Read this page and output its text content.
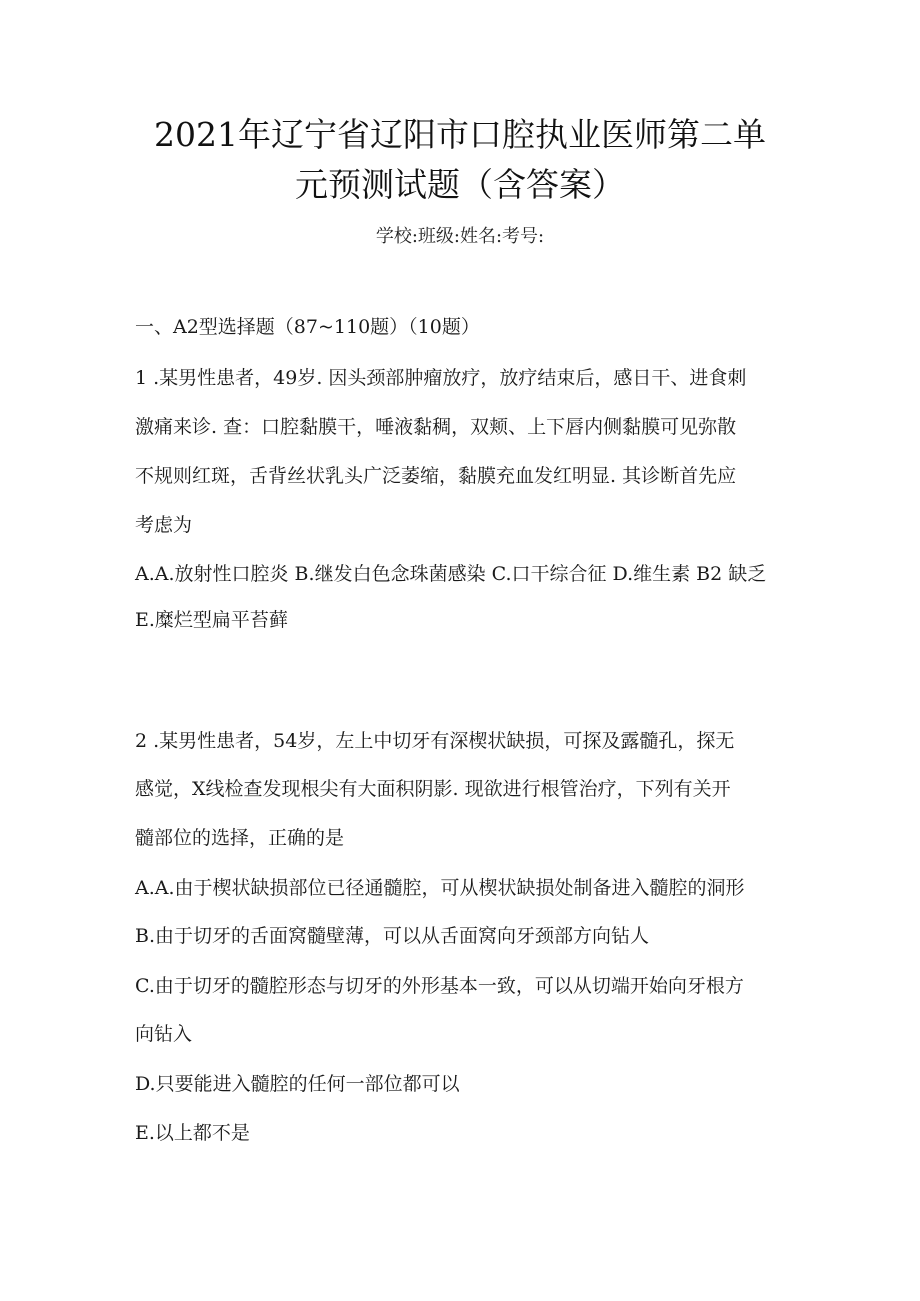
2021年辽宁省辽阳市口腔执业医师第二单
元预测试题（含答案）
学校:班级:姓名:考号:
一、A2型选择题（87~110题）（10题）
1 .某男性患者，49岁. 因头颈部肿瘤放疗，放疗结束后，感日干、进食刺
激痛来诊. 查：口腔黏膜干，唾液黏稠，双颊、上下唇内侧黏膜可见弥散
不规则红斑，舌背丝状乳头广泛萎缩，黏膜充血发红明显. 其诊断首先应
考虑为
A.A.放射性口腔炎 B.继发白色念珠菌感染 C.口干综合征 D.维生素 B2 缺乏
E.糜烂型扁平苔藓
2 .某男性患者，54岁，左上中切牙有深楔状缺损，可探及露髓孔，探无
感觉，X线检查发现根尖有大面积阴影. 现欲进行根管治疗，下列有关开
髓部位的选择，正确的是
A.A.由于楔状缺损部位已径通髓腔，可从楔状缺损处制备进入髓腔的洞形
B.由于切牙的舌面窝髓壁薄，可以从舌面窝向牙颈部方向钻人
C.由于切牙的髓腔形态与切牙的外形基本一致，可以从切端开始向牙根方
向钻入
D.只要能进入髓腔的任何一部位都可以
E.以上都不是
